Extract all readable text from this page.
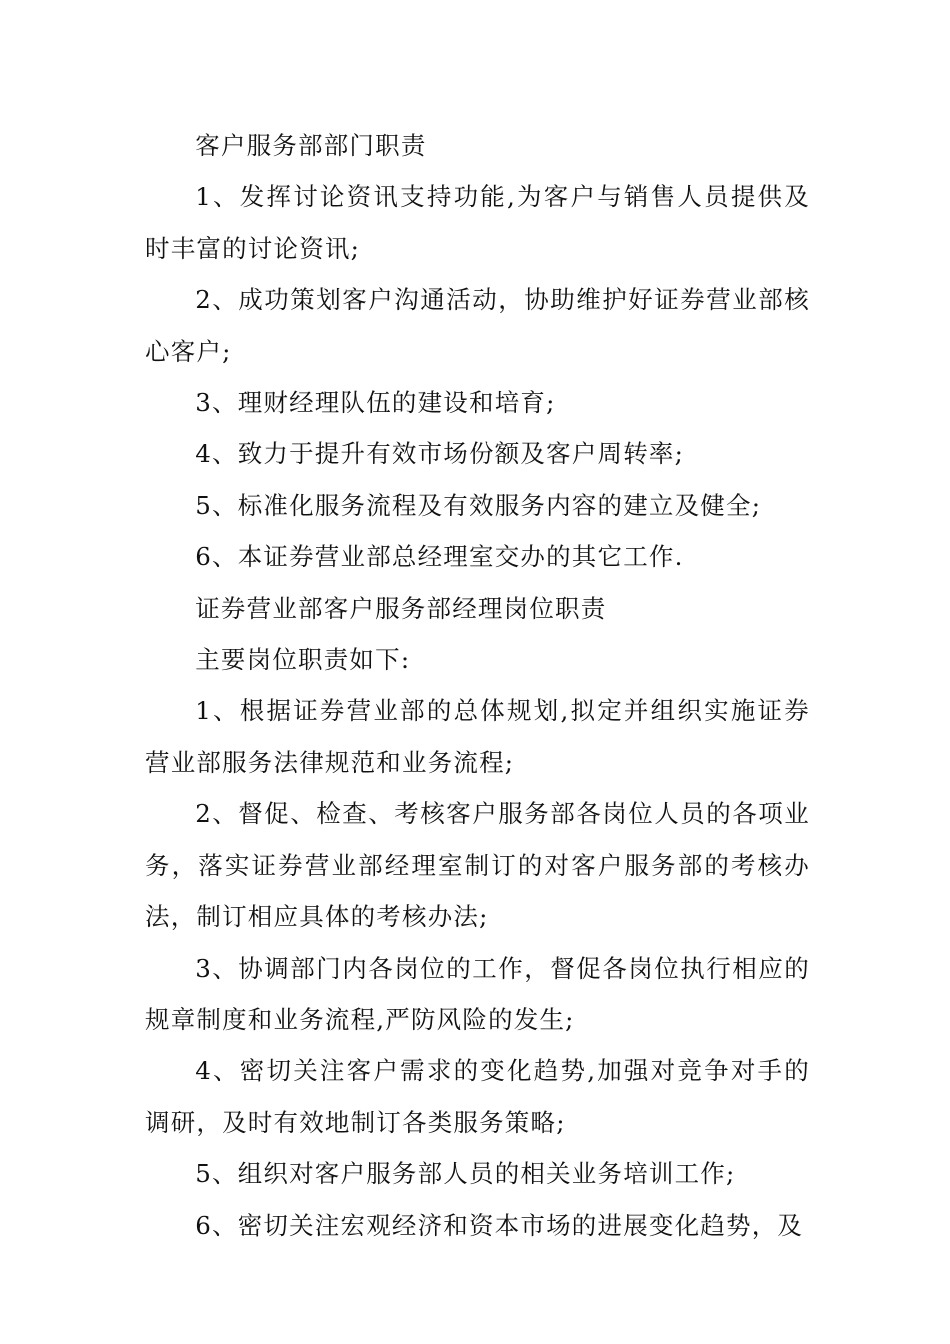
客户服务部部门职责

1、发挥讨论资讯支持功能,为客户与销售人员提供及时丰富的讨论资讯;

2、成功策划客户沟通活动，协助维护好证券营业部核心客户;

3、理财经理队伍的建设和培育;

4、致力于提升有效市场份额及客户周转率;

5、标准化服务流程及有效服务内容的建立及健全;

6、本证券营业部总经理室交办的其它工作.

证券营业部客户服务部经理岗位职责

主要岗位职责如下:

1、根据证券营业部的总体规划,拟定并组织实施证券营业部服务法律规范和业务流程;

2、督促、检查、考核客户服务部各岗位人员的各项业务，落实证券营业部经理室制订的对客户服务部的考核办法，制订相应具体的考核办法;

3、协调部门内各岗位的工作，督促各岗位执行相应的规章制度和业务流程,严防风险的发生;

4、密切关注客户需求的变化趋势,加强对竞争对手的调研，及时有效地制订各类服务策略;

5、组织对客户服务部人员的相关业务培训工作;

6、密切关注宏观经济和资本市场的进展变化趋势，及
